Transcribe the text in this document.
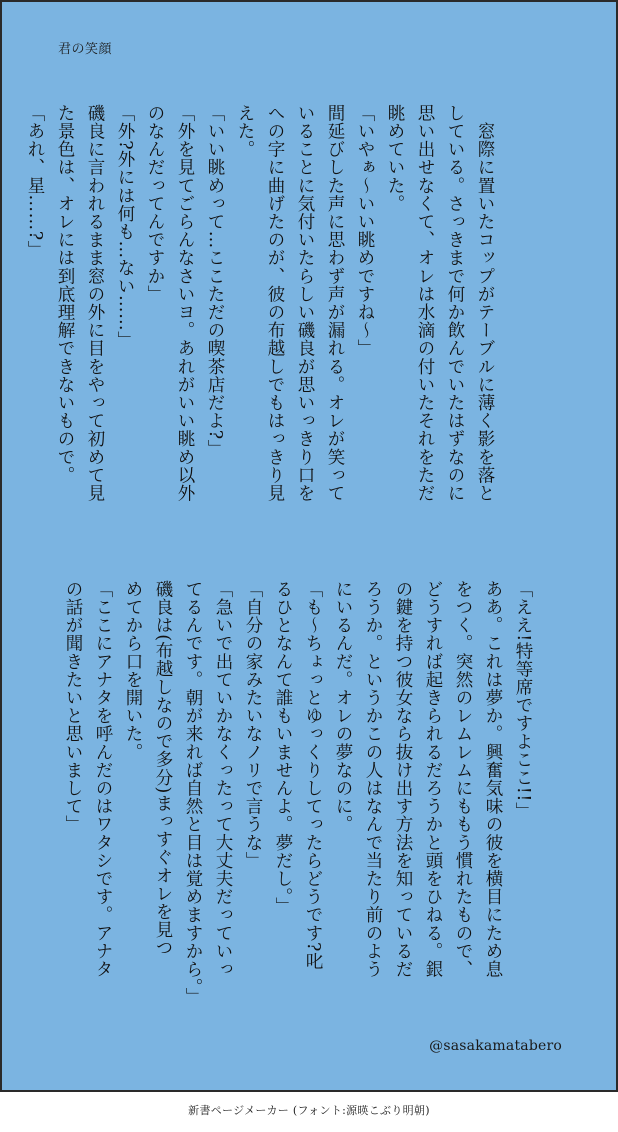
君の笑顔
　窓際に置いたコップがテーブルに薄く影を落と
している。さっきまで何か飲んでいたはずなのに
思い出せなくて、オレは水滴の付いたそれをただ
眺めていた。
「いやぁ〜いい眺めですね〜」
間延びした声に思わず声が漏れる。オレが笑って
いることに気付いたらしい磯良が思いっきり口を
への字に曲げたのが、彼の布越しでもはっきり見
えた。
「いい眺めって…ここただの喫茶店だよ?」
「外を見てごらんなさいヨ。あれがいい眺め以外
のなんだってんですか」
「外?外には何も…ない……」
磯良に言われるまま窓の外に目をやって初めて見
た景色は、オレには到底理解できないもので。
「あれ、星……?」
「ええ!特等席ですよここ!!」
ああ。これは夢か。興奮気味の彼を横目にため息
をつく。突然のレムレムにももう慣れたもので、
どうすれば起きられるだろうかと頭をひねる。銀
の鍵を持つ彼女なら抜け出す方法を知っているだ
ろうか。というかこの人はなんで当たり前のよう
にいるんだ。オレの夢なのに。
「も〜ちょっとゆっくりしてったらどうです?叱
るひとなんて誰もいませんよ。夢だし。」
「自分の家みたいなノリで言うな」
「急いで出ていかなくったって大丈夫だっていっ
てるんです。朝が来れば自然と目は覚めますから。」
磯良は(布越しなので多分)まっすぐオレを見つ
めてから口を開いた。
「ここにアナタを呼んだのはワタシです。アナタ
の話が聞きたいと思いまして」
@sasakamatabero
新書ページメーカー (フォント:源暎こぶり明朝)
